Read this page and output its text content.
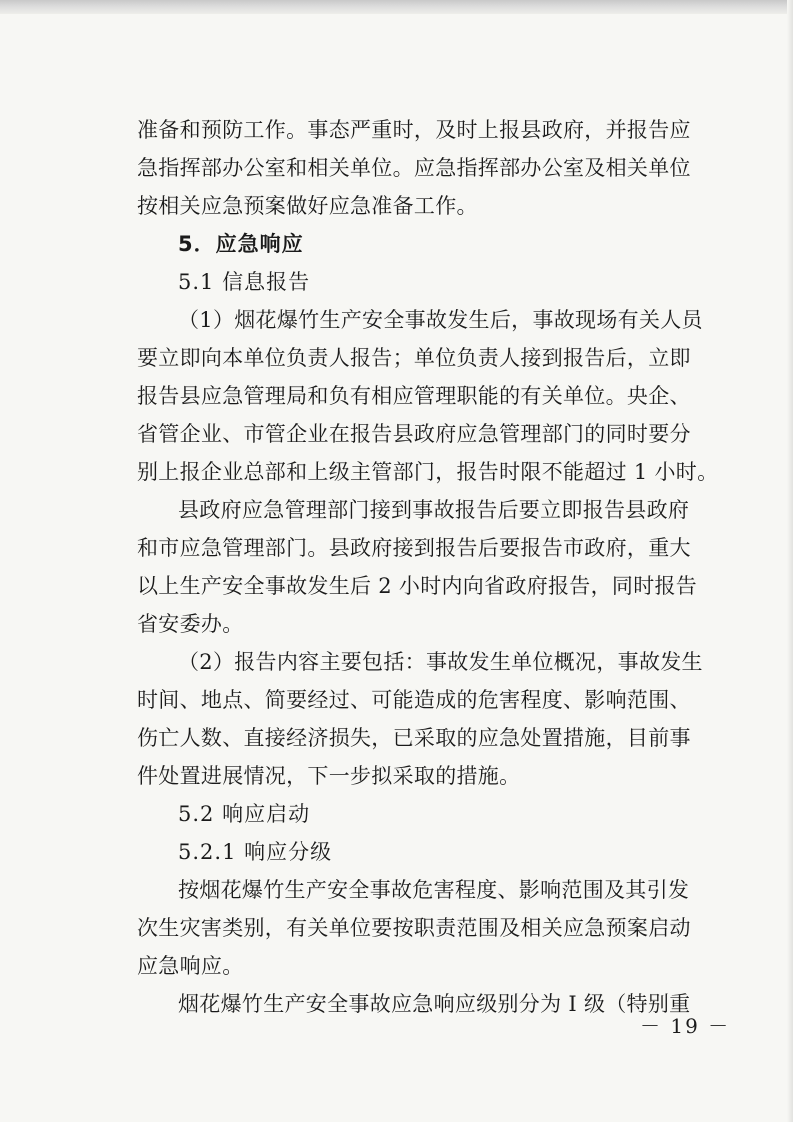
准备和预防工作。事态严重时，及时上报县政府，并报告应
急指挥部办公室和相关单位。应急指挥部办公室及相关单位
按相关应急预案做好应急准备工作。
5．应急响应
5.1 信息报告
（1）烟花爆竹生产安全事故发生后，事故现场有关人员
要立即向本单位负责人报告；单位负责人接到报告后，立即
报告县应急管理局和负有相应管理职能的有关单位。央企、
省管企业、市管企业在报告县政府应急管理部门的同时要分
别上报企业总部和上级主管部门，报告时限不能超过 1 小时。
县政府应急管理部门接到事故报告后要立即报告县政府
和市应急管理部门。县政府接到报告后要报告市政府，重大
以上生产安全事故发生后 2 小时内向省政府报告，同时报告
省安委办。
（2）报告内容主要包括：事故发生单位概况，事故发生
时间、地点、简要经过、可能造成的危害程度、影响范围、
伤亡人数、直接经济损失，已采取的应急处置措施，目前事
件处置进展情况，下一步拟采取的措施。
5.2 响应启动
5.2.1 响应分级
按烟花爆竹生产安全事故危害程度、影响范围及其引发
次生灾害类别，有关单位要按职责范围及相关应急预案启动
应急响应。
烟花爆竹生产安全事故应急响应级别分为 I 级（特别重
－ 19 －
